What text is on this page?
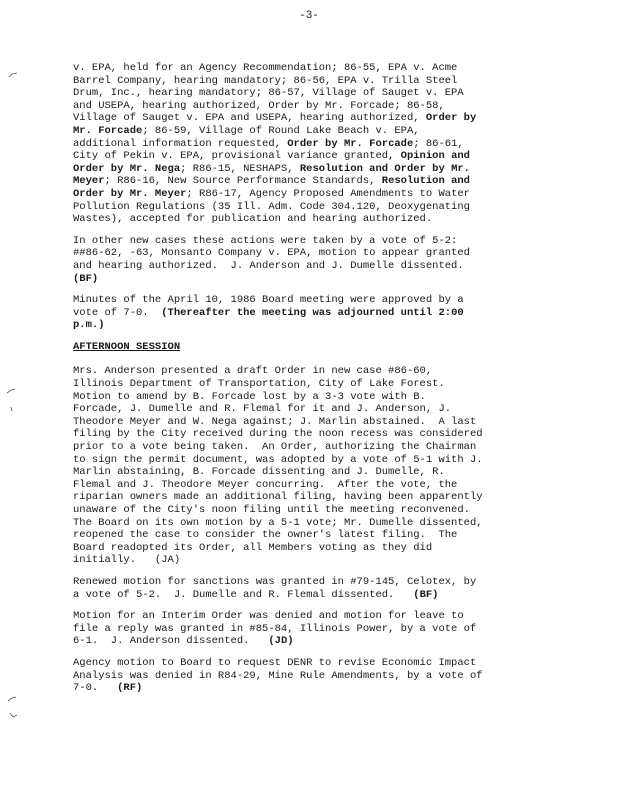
-3-
v. EPA, held for an Agency Recommendation; 86-55, EPA v. Acme
Barrel Company, hearing mandatory; 86-56, EPA v. Trilla Steel
Drum, Inc., hearing mandatory; 86-57, Village of Sauget v. EPA
and USEPA, hearing authorized, Order by Mr. Forcade; 86-58,
Village of Sauget v. EPA and USEPA, hearing authorized, Order by
Mr. Forcade; 86-59, Village of Round Lake Beach v. EPA,
additional information requested, Order by Mr. Forcade; 86-61,
City of Pekin v. EPA, provisional variance granted, Opinion and
Order by Mr. Nega; R86-15, NESHAPS, Resolution and Order by Mr.
Meyer; R86-16, New Source Performance Standards, Resolution and
Order by Mr. Meyer; R86-17, Agency Proposed Amendments to Water
Pollution Regulations (35 Ill. Adm. Code 304.120, Deoxygenating
Wastes), accepted for publication and hearing authorized.
In other new cases these actions were taken by a vote of 5-2:
##86-62, -63, Monsanto Company v. EPA, motion to appear granted
and hearing authorized.  J. Anderson and J. Dumelle dissented.
(BF)
Minutes of the April 10, 1986 Board meeting were approved by a
vote of 7-0.  (Thereafter the meeting was adjourned until 2:00
p.m.)
AFTERNOON SESSION
Mrs. Anderson presented a draft Order in new case #86-60,
Illinois Department of Transportation, City of Lake Forest.
Motion to amend by B. Forcade lost by a 3-3 vote with B.
Forcade, J. Dumelle and R. Flemal for it and J. Anderson, J.
Theodore Meyer and W. Nega against; J. Marlin abstained.  A last
filing by the City received during the noon recess was considered
prior to a vote being taken.  An Order, authorizing the Chairman
to sign the permit document, was adopted by a vote of 5-1 with J.
Marlin abstaining, B. Forcade dissenting and J. Dumelle, R.
Flemal and J. Theodore Meyer concurring.  After the vote, the
riparian owners made an additional filing, having been apparently
unaware of the City's noon filing until the meeting reconvened.
The Board on its own motion by a 5-1 vote; Mr. Dumelle dissented,
reopened the case to consider the owner's latest filing.  The
Board readopted its Order, all Members voting as they did
initially.   (JA)
Renewed motion for sanctions was granted in #79-145, Celotex, by
a vote of 5-2.  J. Dumelle and R. Flemal dissented.   (BF)
Motion for an Interim Order was denied and motion for leave to
file a reply was granted in #85-84, Illinois Power, by a vote of
6-1.  J. Anderson dissented.   (JD)
Agency motion to Board to request DENR to revise Economic Impact
Analysis was denied in R84-29, Mine Rule Amendments, by a vote of
7-0.   (RF)
